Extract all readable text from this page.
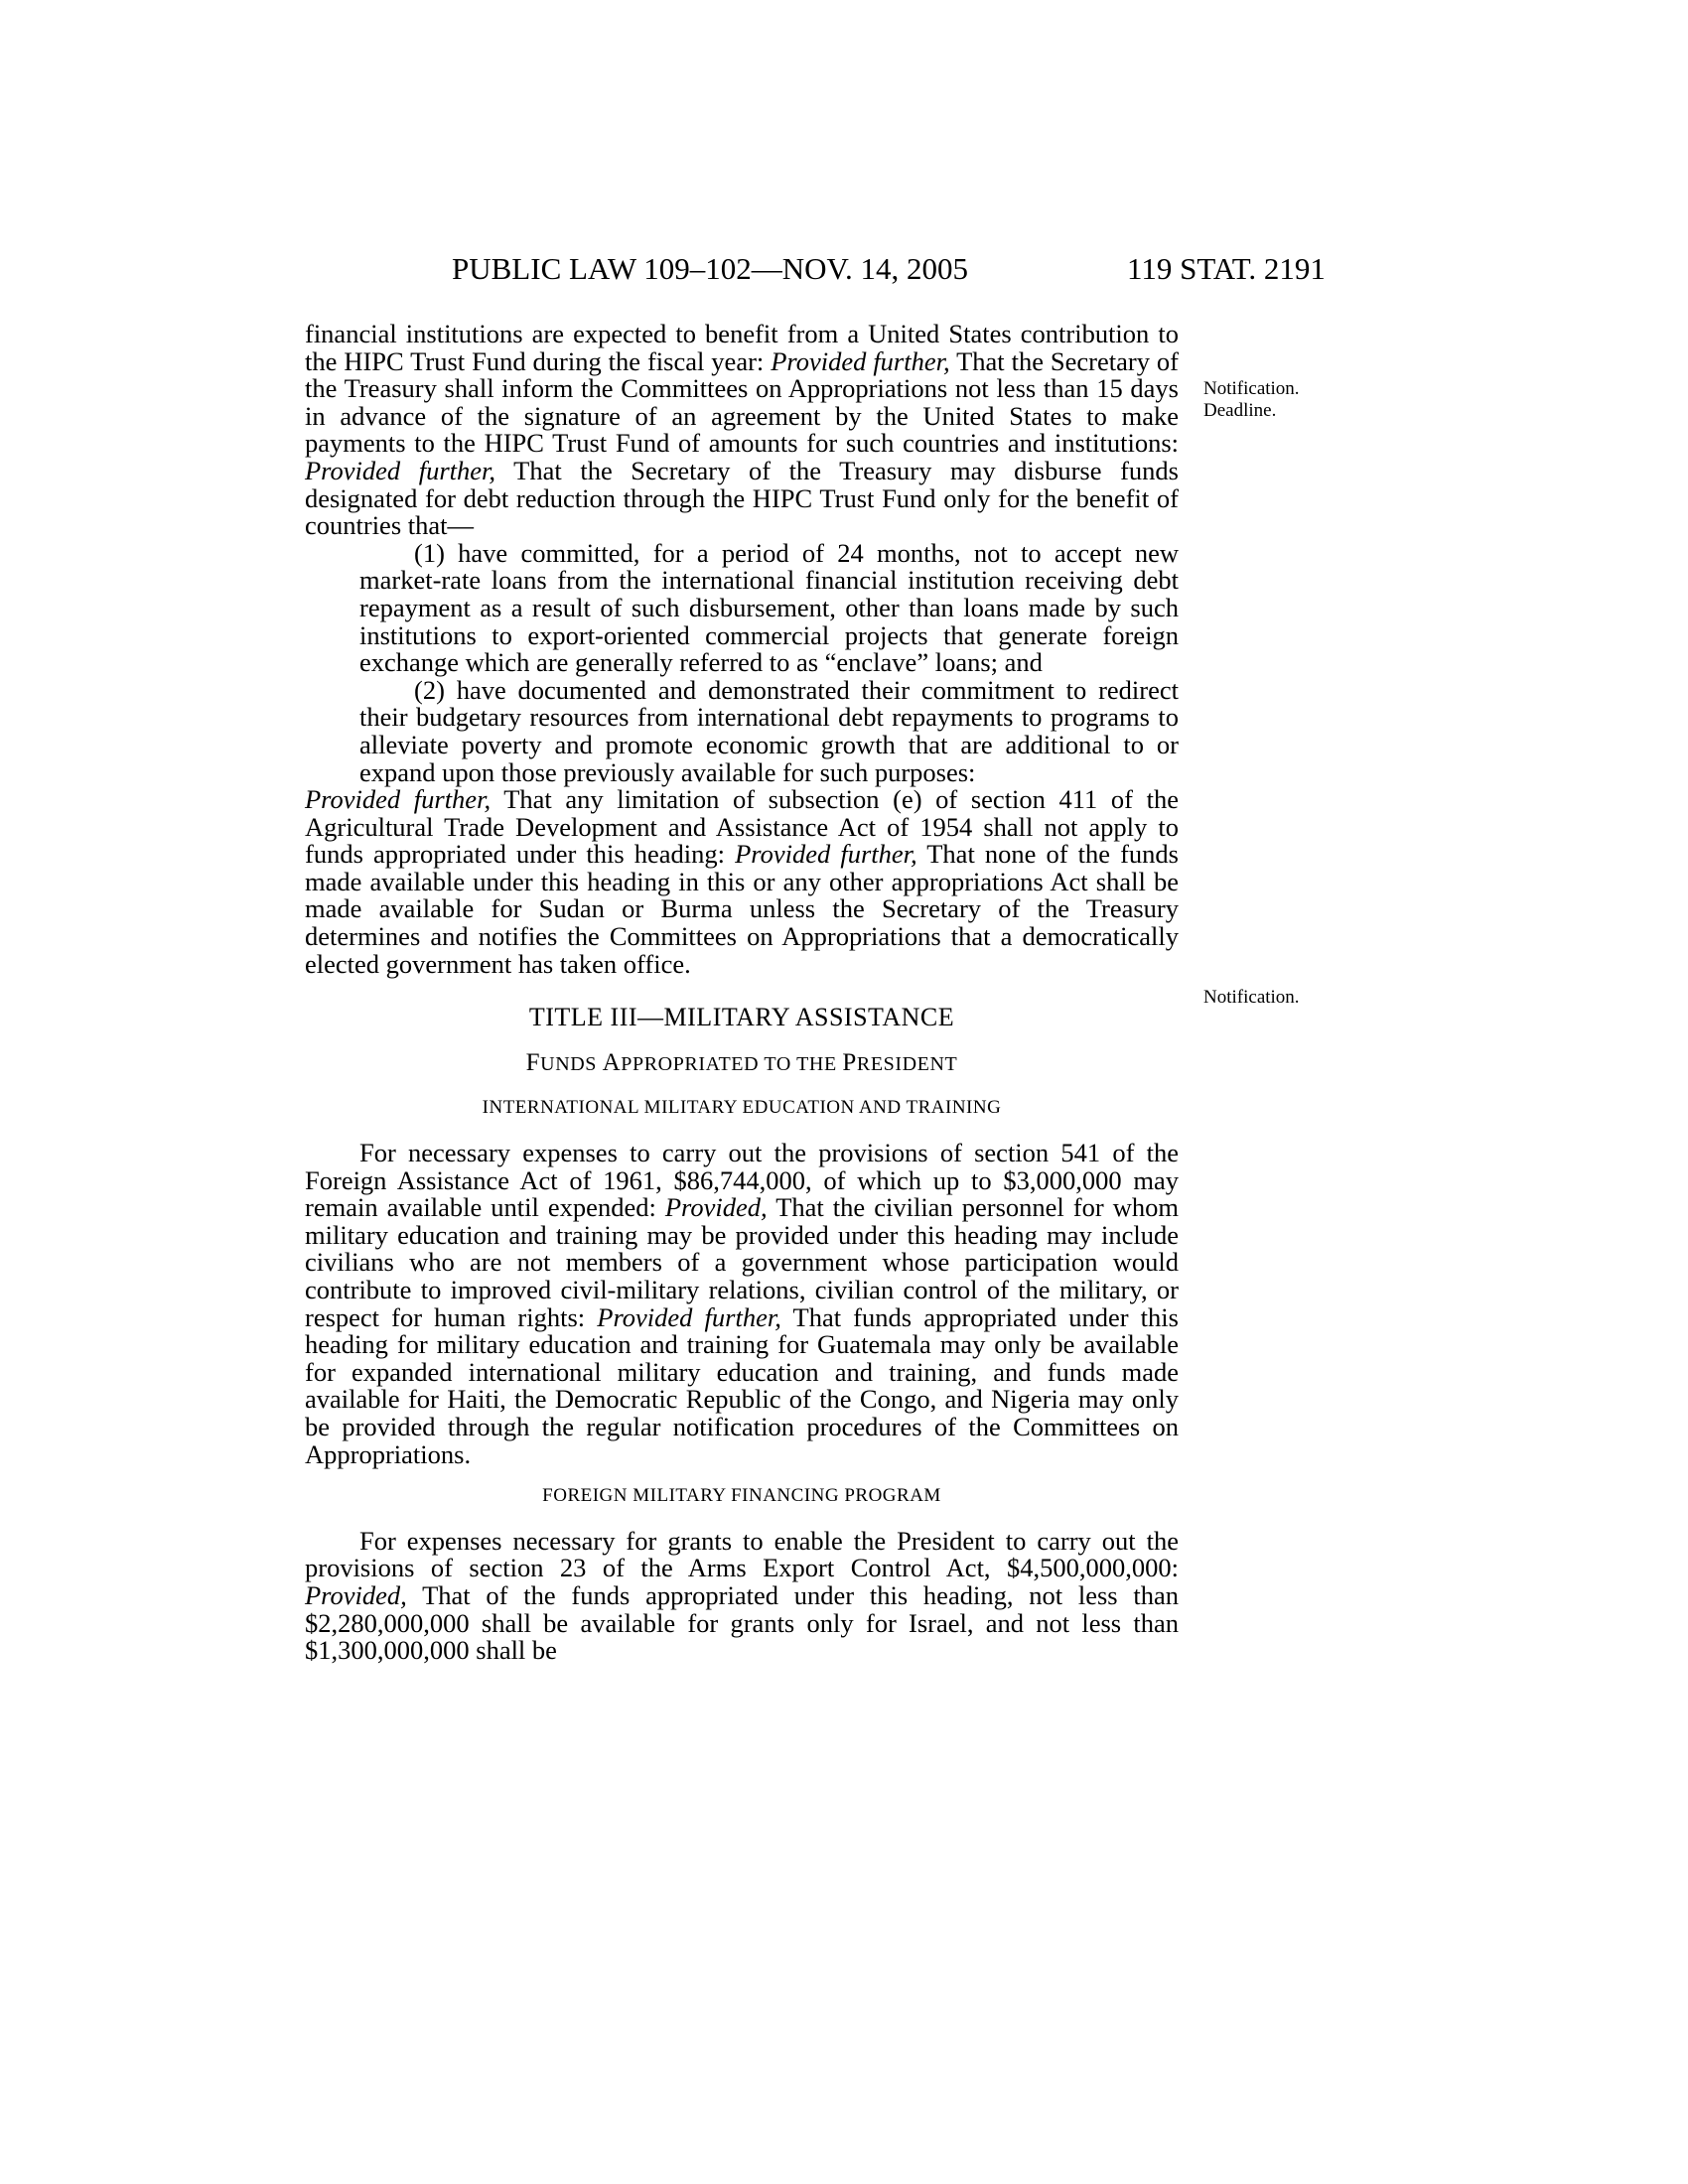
PUBLIC LAW 109–102—NOV. 14, 2005	119 STAT. 2191
Notification.
Deadline.
Notification.

financial institutions are expected to benefit from a United States contribution to the HIPC Trust Fund during the fiscal year: Provided further, That the Secretary of the Treasury shall inform the Committees on Appropriations not less than 15 days in advance of the signature of an agreement by the United States to make payments to the HIPC Trust Fund of amounts for such countries and institutions: Provided further, That the Secretary of the Treasury may disburse funds designated for debt reduction through the HIPC Trust Fund only for the benefit of countries that—

(1) have committed, for a period of 24 months, not to accept new market-rate loans from the international financial institution receiving debt repayment as a result of such disbursement, other than loans made by such institutions to export-oriented commercial projects that generate foreign exchange which are generally referred to as “enclave” loans; and

(2) have documented and demonstrated their commitment to redirect their budgetary resources from international debt repayments to programs to alleviate poverty and promote economic growth that are additional to or expand upon those previously available for such purposes:

Provided further, That any limitation of subsection (e) of section 411 of the Agricultural Trade Development and Assistance Act of 1954 shall not apply to funds appropriated under this heading: Provided further, That none of the funds made available under this heading in this or any other appropriations Act shall be made available for Sudan or Burma unless the Secretary of the Treasury determines and notifies the Committees on Appropriations that a democratically elected government has taken office.

TITLE III—MILITARY ASSISTANCE

FUNDS APPROPRIATED TO THE PRESIDENT

INTERNATIONAL MILITARY EDUCATION AND TRAINING

For necessary expenses to carry out the provisions of section 541 of the Foreign Assistance Act of 1961, $86,744,000, of which up to $3,000,000 may remain available until expended: Provided, That the civilian personnel for whom military education and training may be provided under this heading may include civilians who are not members of a government whose participation would contribute to improved civil-military relations, civilian control of the military, or respect for human rights: Provided further, That funds appropriated under this heading for military education and training for Guatemala may only be available for expanded international military education and training, and funds made available for Haiti, the Democratic Republic of the Congo, and Nigeria may only be provided through the regular notification procedures of the Committees on Appropriations.

FOREIGN MILITARY FINANCING PROGRAM

For expenses necessary for grants to enable the President to carry out the provisions of section 23 of the Arms Export Control Act, $4,500,000,000: Provided, That of the funds appropriated under this heading, not less than $2,280,000,000 shall be available for grants only for Israel, and not less than $1,300,000,000 shall be
